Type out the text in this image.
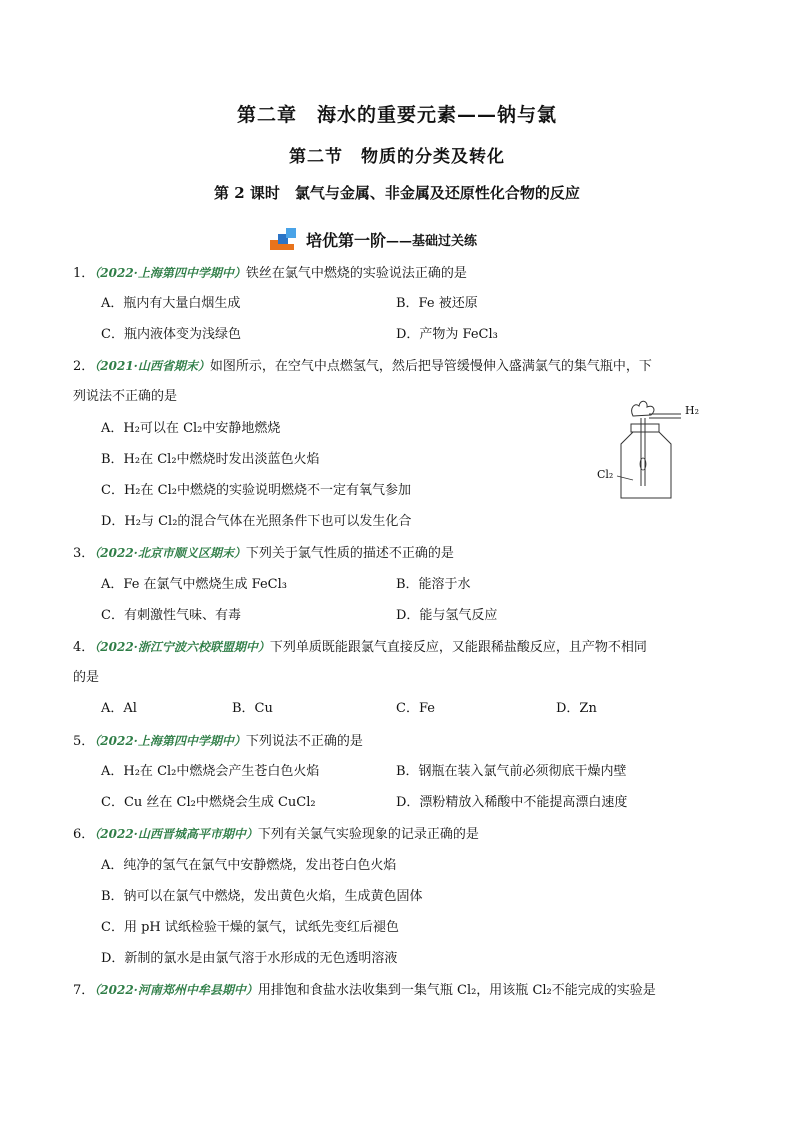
第二章　海水的重要元素——钠与氯
第二节　物质的分类及转化
第 2 课时　氯气与金属、非金属及还原性化合物的反应
培优第一阶 ——基础过关练
1．（2022·上海第四中学期中）铁丝在氯气中燃烧的实验说法正确的是
A．瓶内有大量白烟生成	B．Fe 被还原
C．瓶内液体变为浅绿色	D．产物为 FeCl₃
2．（2021·山西省期末）如图所示，在空气中点燃氢气，然后把导管缓慢伸入盛满氯气的集气瓶中，下
列说法不正确的是
A．H₂可以在 Cl₂中安静地燃烧
B．H₂在 Cl₂中燃烧时发出淡蓝色火焰
C．H₂在 Cl₂中燃烧的实验说明燃烧不一定有氧气参加
D．H₂与 Cl₂的混合气体在光照条件下也可以发生化合
H₂
Cl₂
3．（2022·北京市顺义区期末）下列关于氯气性质的描述不正确的是
A．Fe 在氯气中燃烧生成 FeCl₃	B．能溶于水
C．有刺激性气味、有毒	D．能与氢气反应
4．（2022·浙江宁波六校联盟期中）下列单质既能跟氯气直接反应，又能跟稀盐酸反应，且产物不相同
的是
A．Al	B．Cu	C．Fe	D．Zn
5．（2022·上海第四中学期中）下列说法不正确的是
A．H₂在 Cl₂中燃烧会产生苍白色火焰	B．钢瓶在装入氯气前必须彻底干燥内壁
C．Cu 丝在 Cl₂中燃烧会生成 CuCl₂	D．漂粉精放入稀酸中不能提高漂白速度
6．（2022·山西晋城高平市期中）下列有关氯气实验现象的记录正确的是
A．纯净的氢气在氯气中安静燃烧，发出苍白色火焰
B．钠可以在氯气中燃烧，发出黄色火焰，生成黄色固体
C．用 pH 试纸检验干燥的氯气，试纸先变红后褪色
D．新制的氯水是由氯气溶于水形成的无色透明溶液
7．（2022·河南郑州中牟县期中）用排饱和食盐水法收集到一集气瓶 Cl₂，用该瓶 Cl₂不能完成的实验是
